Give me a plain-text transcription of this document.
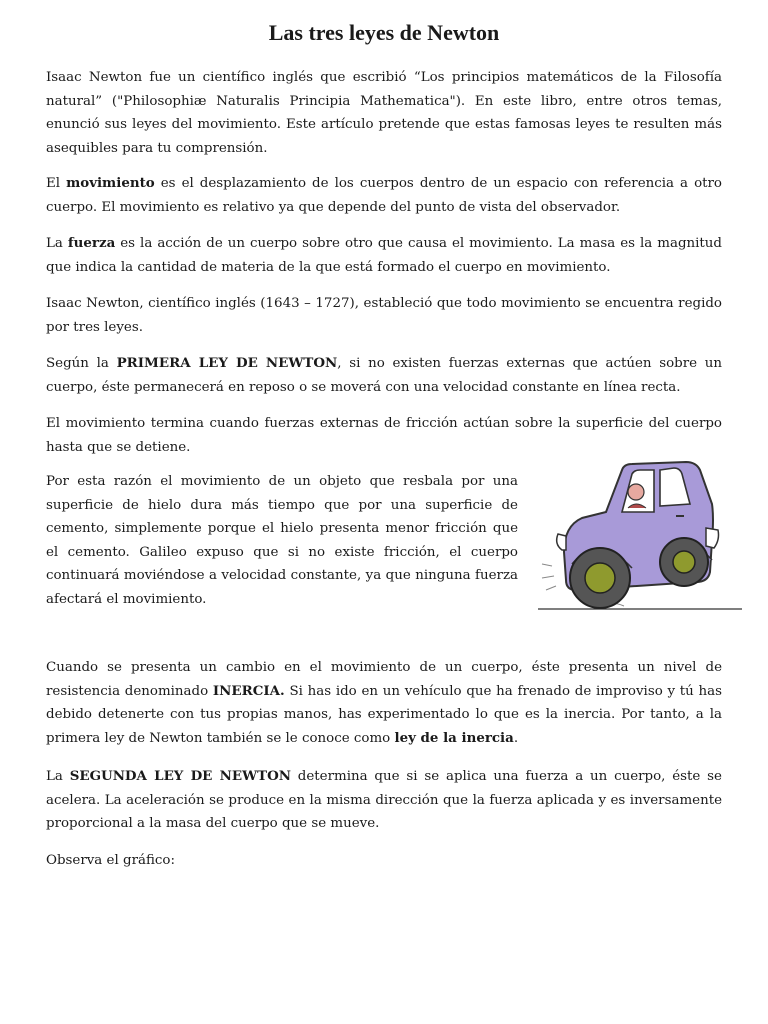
Las tres leyes de Newton

Isaac Newton fue un científico inglés que escribió “Los principios matemáticos de la Filosofía natural” ("Philosophiæ Naturalis Principia Mathematica"). En este libro, entre otros temas, enunció sus leyes del movimiento. Este artículo pretende que estas famosas leyes te resulten más asequibles para tu comprensión.

El movimiento es el desplazamiento de los cuerpos dentro de un espacio con referencia a otro cuerpo. El movimiento es relativo ya que depende del punto de vista del observador.

La fuerza es la acción de un cuerpo sobre otro que causa el movimiento. La masa es la magnitud que indica la cantidad de materia de la que está formado el cuerpo en movimiento.

Isaac Newton, científico inglés (1643 – 1727), estableció que todo movimiento se encuentra regido por tres leyes.

Según la PRIMERA LEY DE NEWTON, si no existen fuerzas externas que actúen sobre un cuerpo, éste permanecerá en reposo o se moverá con una velocidad constante en línea recta.

El movimiento termina cuando fuerzas externas de fricción actúan sobre la superficie del cuerpo hasta que se detiene.

Por esta razón el movimiento de un objeto que resbala por una superficie de hielo dura más tiempo que por una superficie de cemento, simplemente porque el hielo presenta menor fricción que el cemento. Galileo expuso que si no existe fricción, el cuerpo continuará moviéndose a velocidad constante, ya que ninguna fuerza afectará el movimiento.

Cuando se presenta un cambio en el movimiento de un cuerpo, éste presenta un nivel de resistencia denominado INERCIA. Si has ido en un vehículo que ha frenado de improviso y tú has debido detenerte con tus propias manos, has experimentado lo que es la inercia. Por tanto, a la primera ley de Newton también se le conoce como ley de la inercia.

La SEGUNDA LEY DE NEWTON determina que si se aplica una fuerza a un cuerpo, éste se acelera. La aceleración se produce en la misma dirección que la fuerza aplicada y es inversamente proporcional a la masa del cuerpo que se mueve.

Observa el gráfico:
